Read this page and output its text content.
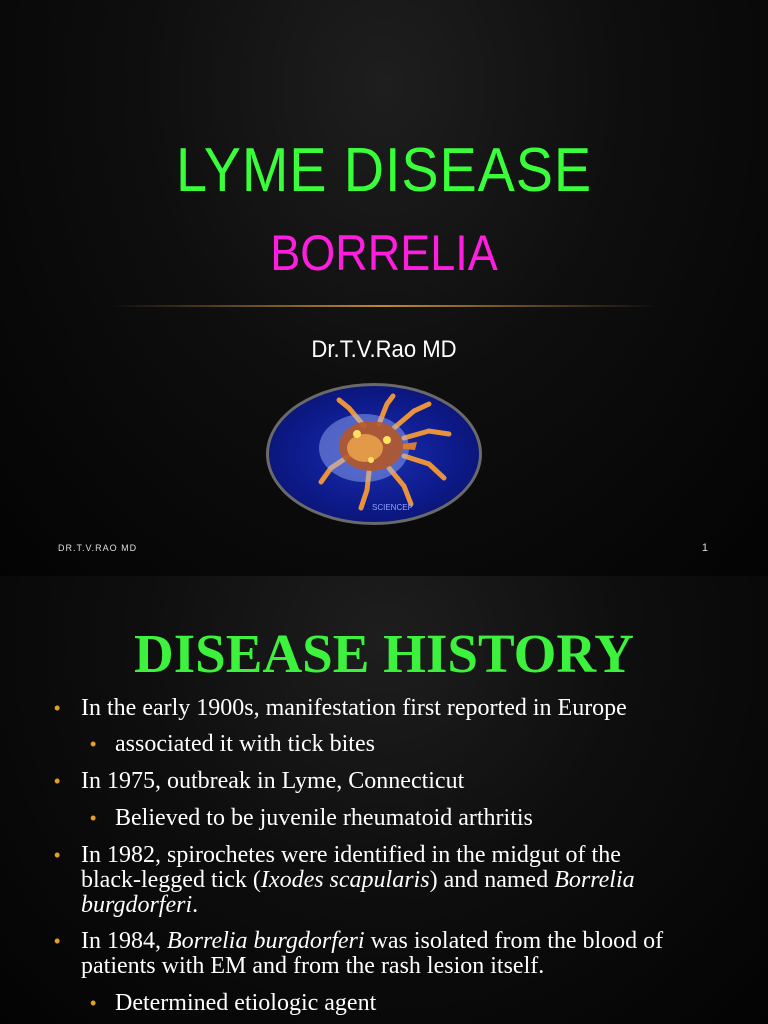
LYME DISEASE
BORRELIA
Dr.T.V.Rao MD
SCIENCEP
DR.T.V.RAO MD	1
DISEASE HISTORY
• In the early 1900s, manifestation first reported in Europe
• associated it with tick bites
• In 1975, outbreak in Lyme, Connecticut
• Believed to be juvenile rheumatoid arthritis
• In 1982, spirochetes were identified in the midgut of the
black-legged tick (Ixodes scapularis) and named Borrelia
burgdorferi.
• In 1984, Borrelia burgdorferi was isolated from the blood of
patients with EM and from the rash lesion itself.
• Determined etiologic agent
